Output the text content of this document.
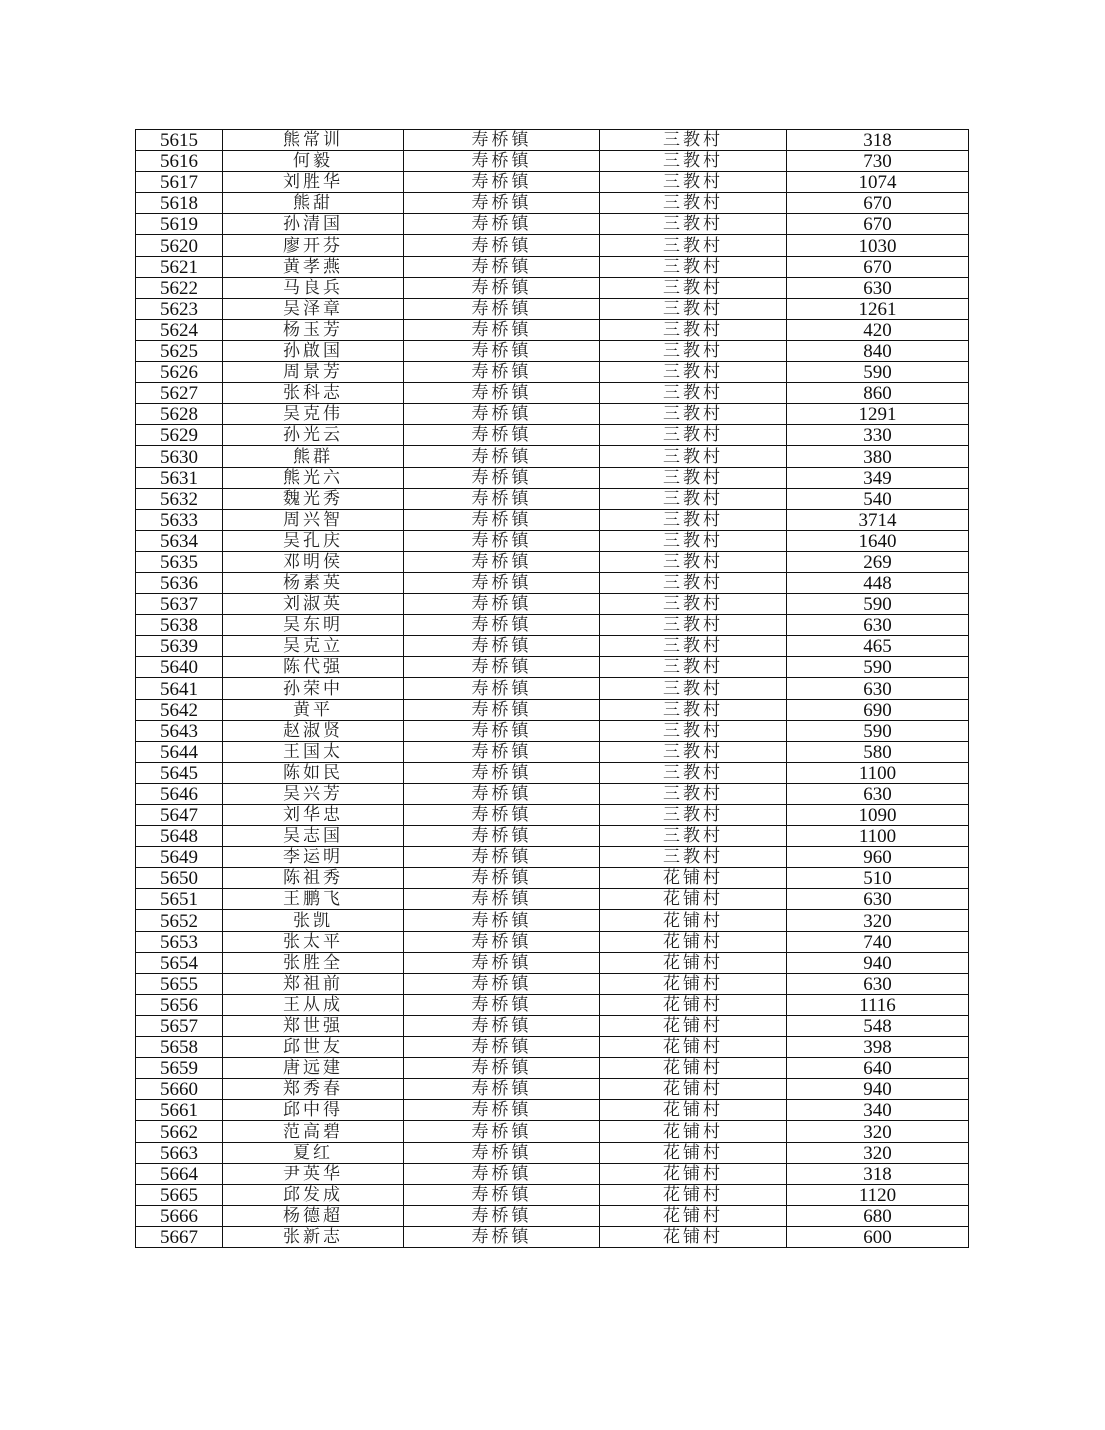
5615	熊常训	寿桥镇	三教村	318
5616	何毅	寿桥镇	三教村	730
5617	刘胜华	寿桥镇	三教村	1074
5618	熊甜	寿桥镇	三教村	670
5619	孙清国	寿桥镇	三教村	670
5620	廖开芬	寿桥镇	三教村	1030
5621	黄孝燕	寿桥镇	三教村	670
5622	马良兵	寿桥镇	三教村	630
5623	吴泽章	寿桥镇	三教村	1261
5624	杨玉芳	寿桥镇	三教村	420
5625	孙啟国	寿桥镇	三教村	840
5626	周景芳	寿桥镇	三教村	590
5627	张科志	寿桥镇	三教村	860
5628	吴克伟	寿桥镇	三教村	1291
5629	孙光云	寿桥镇	三教村	330
5630	熊群	寿桥镇	三教村	380
5631	熊光六	寿桥镇	三教村	349
5632	魏光秀	寿桥镇	三教村	540
5633	周兴智	寿桥镇	三教村	3714
5634	吴孔庆	寿桥镇	三教村	1640
5635	邓明侯	寿桥镇	三教村	269
5636	杨素英	寿桥镇	三教村	448
5637	刘淑英	寿桥镇	三教村	590
5638	吴东明	寿桥镇	三教村	630
5639	吴克立	寿桥镇	三教村	465
5640	陈代强	寿桥镇	三教村	590
5641	孙荣中	寿桥镇	三教村	630
5642	黄平	寿桥镇	三教村	690
5643	赵淑贤	寿桥镇	三教村	590
5644	王国太	寿桥镇	三教村	580
5645	陈如民	寿桥镇	三教村	1100
5646	吴兴芳	寿桥镇	三教村	630
5647	刘华忠	寿桥镇	三教村	1090
5648	吴志国	寿桥镇	三教村	1100
5649	李运明	寿桥镇	三教村	960
5650	陈祖秀	寿桥镇	花铺村	510
5651	王鹏飞	寿桥镇	花铺村	630
5652	张凯	寿桥镇	花铺村	320
5653	张太平	寿桥镇	花铺村	740
5654	张胜全	寿桥镇	花铺村	940
5655	郑祖前	寿桥镇	花铺村	630
5656	王从成	寿桥镇	花铺村	1116
5657	郑世强	寿桥镇	花铺村	548
5658	邱世友	寿桥镇	花铺村	398
5659	唐远建	寿桥镇	花铺村	640
5660	郑秀春	寿桥镇	花铺村	940
5661	邱中得	寿桥镇	花铺村	340
5662	范高碧	寿桥镇	花铺村	320
5663	夏红	寿桥镇	花铺村	320
5664	尹英华	寿桥镇	花铺村	318
5665	邱发成	寿桥镇	花铺村	1120
5666	杨德超	寿桥镇	花铺村	680
5667	张新志	寿桥镇	花铺村	600
